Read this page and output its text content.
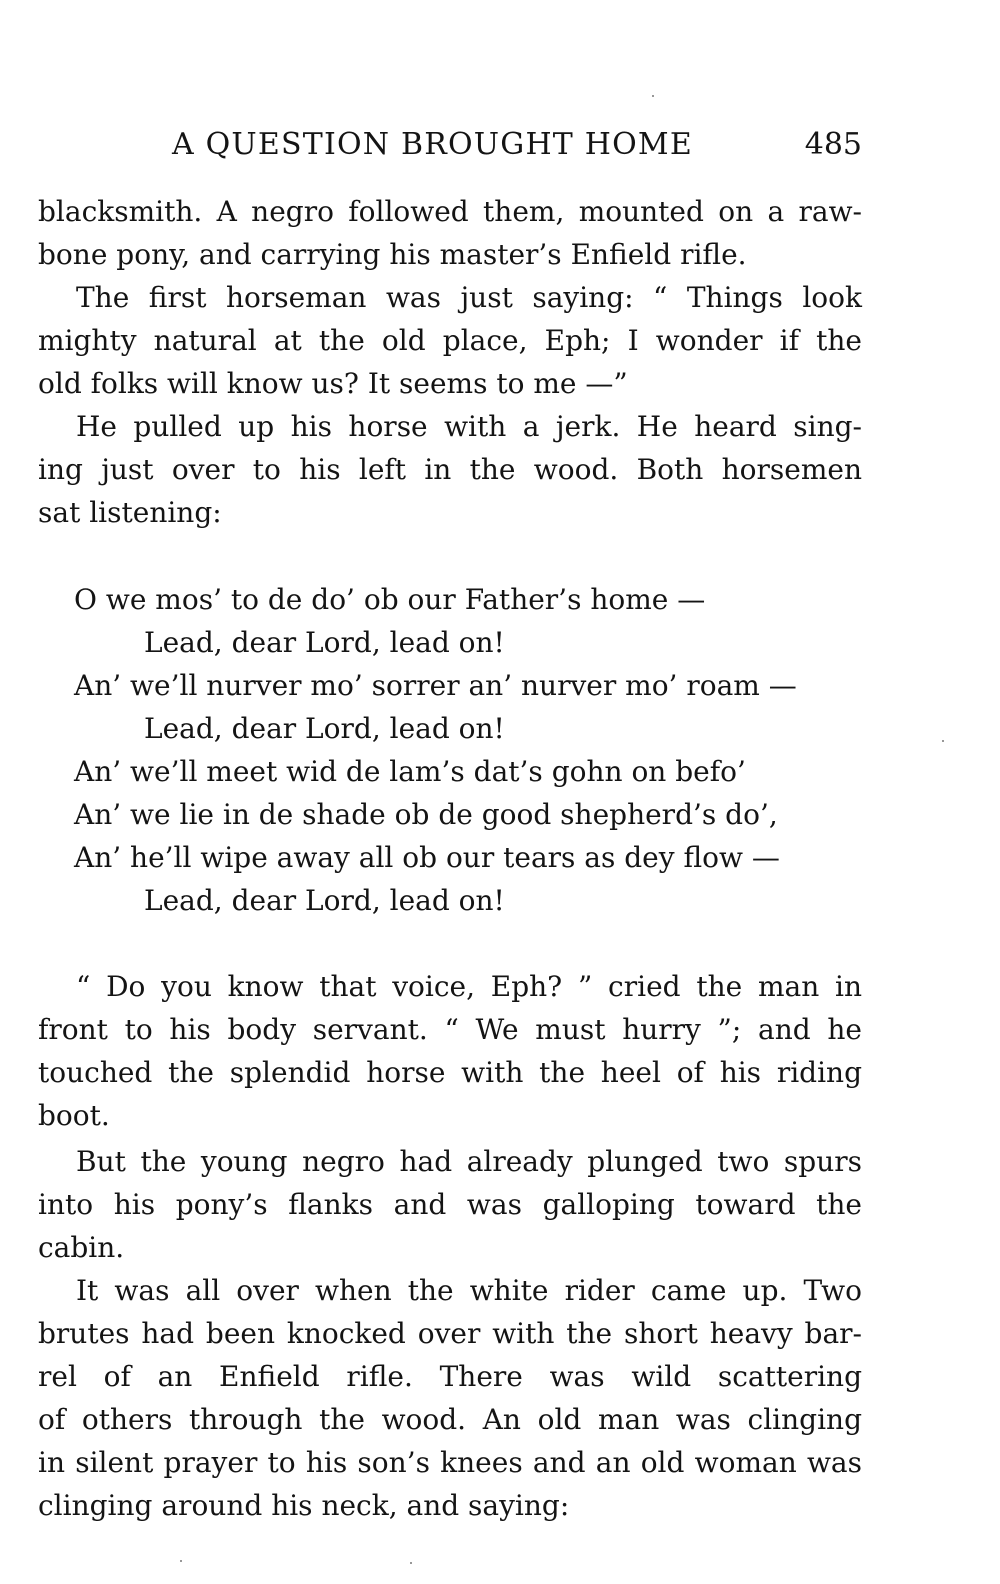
A QUESTION BROUGHT HOME	485
blacksmith. A negro followed them, mounted on a raw-
bone pony, and carrying his master’s Enfield rifle.
The first horseman was just saying: “ Things look
mighty natural at the old place, Eph; I wonder if the
old folks will know us? It seems to me —”
He pulled up his horse with a jerk. He heard sing-
ing just over to his left in the wood. Both horsemen
sat listening:
O we mos’ to de do’ ob our Father’s home —
Lead, dear Lord, lead on!
An’ we’ll nurver mo’ sorrer an’ nurver mo’ roam —
Lead, dear Lord, lead on!
An’ we’ll meet wid de lam’s dat’s gohn on befo’
An’ we lie in de shade ob de good shepherd’s do’,
An’ he’ll wipe away all ob our tears as dey flow —
Lead, dear Lord, lead on!
“ Do you know that voice, Eph? ” cried the man in
front to his body servant. “ We must hurry ”; and he
touched the splendid horse with the heel of his riding
boot.
But the young negro had already plunged two spurs
into his pony’s flanks and was galloping toward the
cabin.
It was all over when the white rider came up. Two
brutes had been knocked over with the short heavy bar-
rel of an Enfield rifle. There was wild scattering
of others through the wood. An old man was clinging
in silent prayer to his son’s knees and an old woman was
clinging around his neck, and saying:
